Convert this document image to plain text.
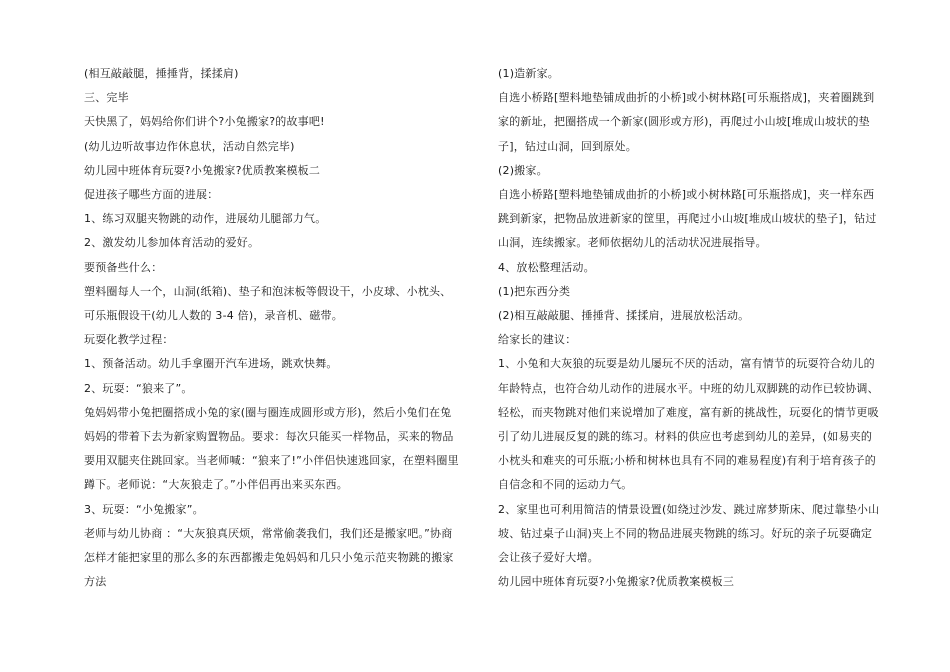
(相互敲敲腿，捶捶背，揉揉肩)

三、完毕

天快黑了，妈妈给你们讲个?小兔搬家?的故事吧!

(幼儿边听故事边作休息状，活动自然完毕)

幼儿园中班体育玩耍?小兔搬家?优质教案模板二

促进孩子哪些方面的进展：

1、练习双腿夹物跳的动作，进展幼儿腿部力气。

2、激发幼儿参加体育活动的爱好。

要预备些什么：

塑料圈每人一个，山洞(纸箱)、垫子和泡沫板等假设干，小皮球、小枕头、可乐瓶假设干(幼儿人数的 3-4 倍)，录音机、磁带。

玩耍化教学过程：

1、预备活动。幼儿手拿圈开汽车进场，跳欢快舞。

2、玩耍：“狼来了”。

兔妈妈带小兔把圈搭成小兔的家(圈与圈连成圆形或方形)，然后小兔们在兔妈妈的带着下去为新家购置物品。要求：每次只能买一样物品，买来的物品要用双腿夹住跳回家。当老师喊：“狼来了!”小伴侣快速逃回家，在塑料圈里蹲下。老师说：“大灰狼走了。”小伴侣再出来买东西。

3、玩耍：“小兔搬家”。

老师与幼儿协商 ：“大灰狼真厌烦，常常偷袭我们，我们还是搬家吧。”协商 怎样才能把家里的那么多的东西都搬走兔妈妈和几只小兔示范夹物跳的搬家方法

(1)造新家。

自选小桥路[塑料地垫铺成曲折的小桥]或小树林路[可乐瓶搭成]，夹着圈跳到家的新址，把圈搭成一个新家(圆形或方形)，再爬过小山坡[堆成山坡状的垫子]，钻过山洞，回到原处。

(2)搬家。

自选小桥路[塑料地垫铺成曲折的小桥]或小树林路[可乐瓶搭成]，夹一样东西跳到新家，把物品放进新家的筐里，再爬过小山坡[堆成山坡状的垫子]，钻过山洞，连续搬家。老师依据幼儿的活动状况进展指导。

4、放松整理活动。

(1)把东西分类

(2)相互敲敲腿、捶捶背、揉揉肩，进展放松活动。

给家长的建议：

1、小兔和大灰狼的玩耍是幼儿屡玩不厌的活动，富有情节的玩耍符合幼儿的年龄特点，也符合幼儿动作的进展水平。中班的幼儿双脚跳的动作已较协调、轻松，而夹物跳对他们来说增加了难度，富有新的挑战性，玩耍化的情节更吸引了幼儿进展反复的跳的练习。材料的供应也考虑到幼儿的差异，(如易夹的小枕头和难夹的可乐瓶;小桥和树林也具有不同的难易程度)有利于培育孩子的自信念和不同的运动力气。

2、家里也可利用简洁的情景设置(如绕过沙发、跳过席梦斯床、爬过靠垫小山坡、钻过桌子山洞)夹上不同的物品进展夹物跳的练习。好玩的亲子玩耍确定会让孩子爱好大增。

幼儿园中班体育玩耍?小兔搬家?优质教案模板三
